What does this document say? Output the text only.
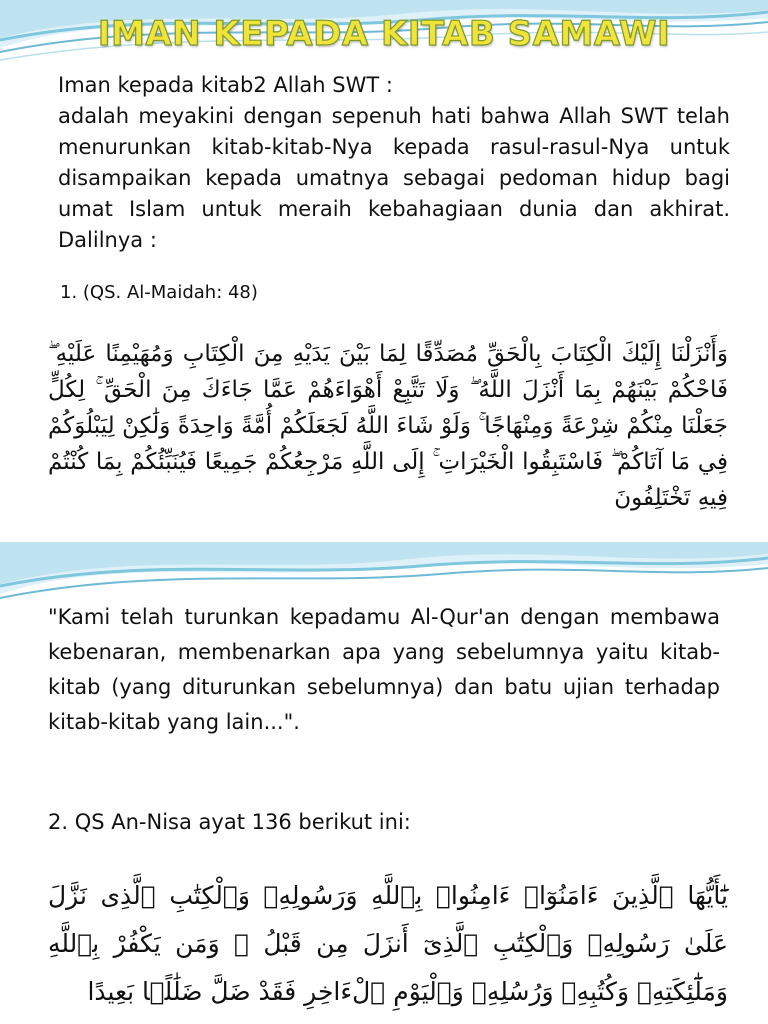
IMAN KEPADA KITAB SAMAWI

Iman kepada kitab2 Allah SWT :

adalah meyakini dengan sepenuh hati bahwa Allah SWT telah menurunkan kitab-kitab-Nya kepada rasul-rasul-Nya untuk disampaikan kepada umatnya sebagai pedoman hidup bagi umat Islam untuk meraih kebahagiaan dunia dan akhirat. Dalilnya :

1. (QS. Al-Maidah: 48)
وَأَنْزَلْنَا إِلَيْكَ الْكِتَابَ بِالْحَقِّ مُصَدِّقًا لِمَا بَيْنَ يَدَيْهِ مِنَ الْكِتَابِ وَمُهَيْمِنًا عَلَيْهِ ۖ فَاحْكُمْ بَيْنَهُمْ بِمَا أَنْزَلَ اللَّهُ ۖ وَلَا تَتَّبِعْ أَهْوَاءَهُمْ عَمَّا جَاءَكَ مِنَ الْحَقِّ ۚ لِكُلٍّ جَعَلْنَا مِنْكُمْ شِرْعَةً وَمِنْهَاجًا ۚ وَلَوْ شَاءَ اللَّهُ لَجَعَلَكُمْ أُمَّةً وَاحِدَةً وَلَٰكِنْ لِيَبْلُوَكُمْ فِي مَا آتَاكُمْ ۖ فَاسْتَبِقُوا الْخَيْرَاتِ ۚ إِلَى اللَّهِ مَرْجِعُكُمْ جَمِيعًا فَيُنَبِّئُكُمْ بِمَا كُنْتُمْ فِيهِ تَخْتَلِفُونَ

"Kami telah turunkan kepadamu Al-Qur'an dengan membawa kebenaran, membenarkan apa yang sebelumnya yaitu kitab-kitab (yang diturunkan sebelumnya) dan batu ujian terhadap kitab-kitab yang lain...".

2. QS An-Nisa ayat 136 berikut ini:
يَٰٓأَيُّهَا ٱلَّذِينَ ءَامَنُوٓا۟ ءَامِنُوا۟ بِٱللَّهِ وَرَسُولِهِۦ وَٱلْكِتَٰبِ ٱلَّذِى نَزَّلَ عَلَىٰ رَسُولِهِۦ وَٱلْكِتَٰبِ ٱلَّذِىٓ أَنزَلَ مِن قَبْلُ ۚ وَمَن يَكْفُرْ بِٱللَّهِ وَمَلَٰٓئِكَتِهِۦ وَكُتُبِهِۦ وَرُسُلِهِۦ وَٱلْيَوْمِ ٱلْءَاخِرِ فَقَدْ ضَلَّ ضَلَٰلًۢا بَعِيدًا
